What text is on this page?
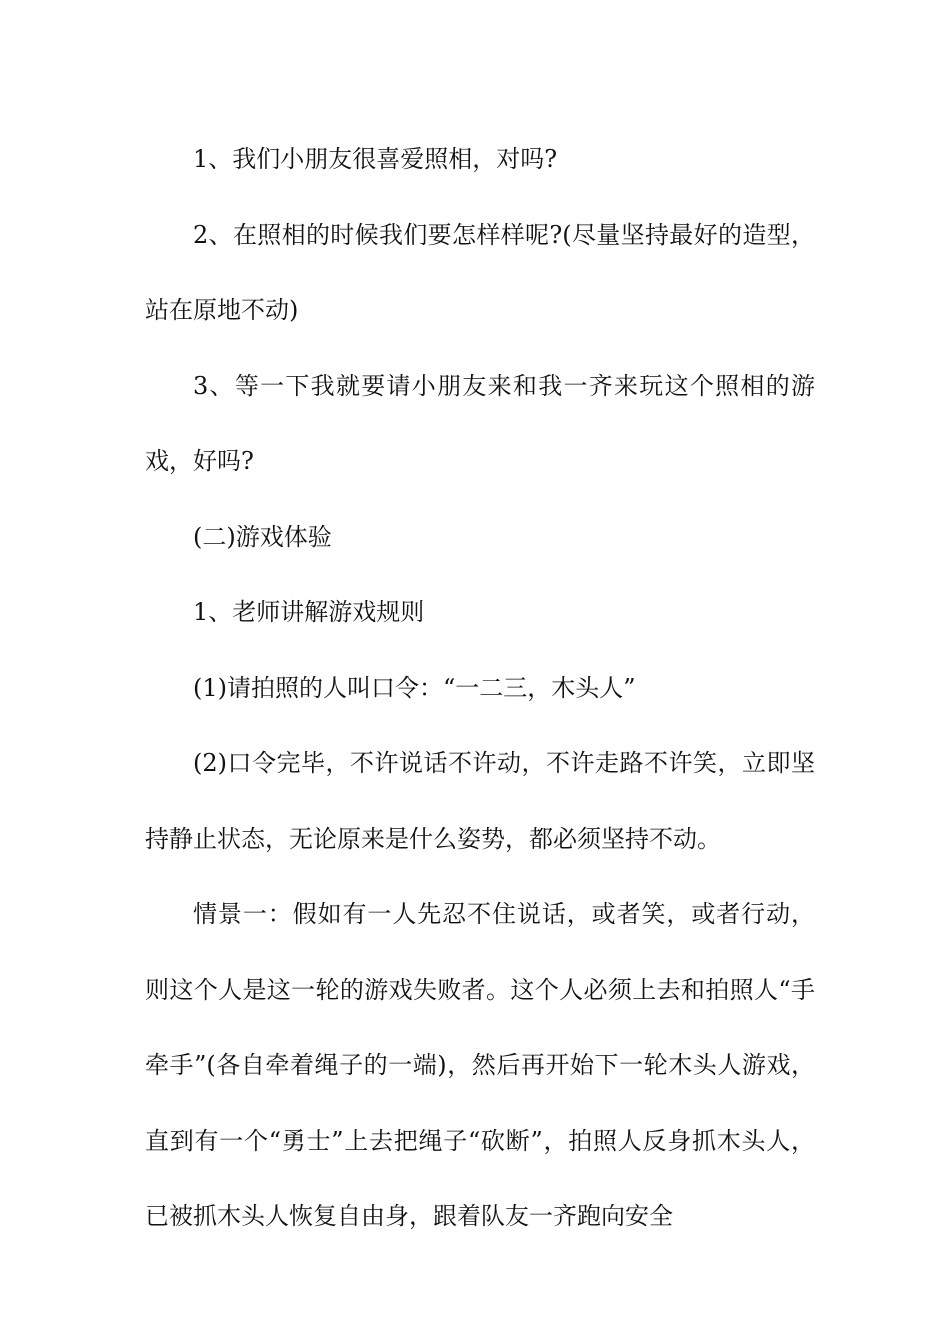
1、我们小朋友很喜爱照相，对吗?

2、在照相的时候我们要怎样样呢?(尽量坚持最好的造型，站在原地不动)

3、等一下我就要请小朋友来和我一齐来玩这个照相的游戏，好吗?

(二)游戏体验

1、老师讲解游戏规则

(1)请拍照的人叫口令：“一二三，木头人”

(2)口令完毕，不许说话不许动，不许走路不许笑，立即坚持静止状态，无论原来是什么姿势，都必须坚持不动。

情景一：假如有一人先忍不住说话，或者笑，或者行动，则这个人是这一轮的游戏失败者。这个人必须上去和拍照人“手牵手”(各自牵着绳子的一端)，然后再开始下一轮木头人游戏，直到有一个“勇士”上去把绳子“砍断”，拍照人反身抓木头人，已被抓木头人恢复自由身，跟着队友一齐跑向安全
